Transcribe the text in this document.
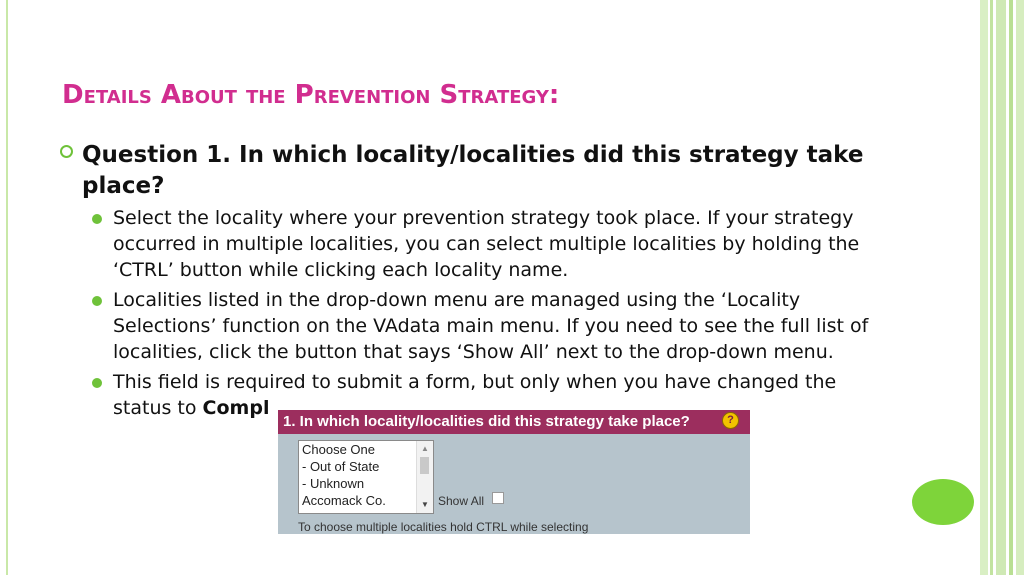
Details About the Prevention Strategy:
Question 1. In which locality/localities did this strategy take place?
Select the locality where your prevention strategy took place. If your strategy occurred in multiple localities, you can select multiple localities by holding the ‘CTRL’ button while clicking each locality name.
Localities listed in the drop-down menu are managed using the ‘Locality Selections’ function on the VAdata main menu. If you need to see the full list of localities, click the button that says ‘Show All’ next to the drop-down menu.
This field is required to submit a form, but only when you have changed the status to Compl
1. In which locality/localities did this strategy take place?	?
Choose One
- Out of State
- Unknown
Accomack Co.
▲
▼ Show All
To choose multiple localities hold CTRL while selecting
